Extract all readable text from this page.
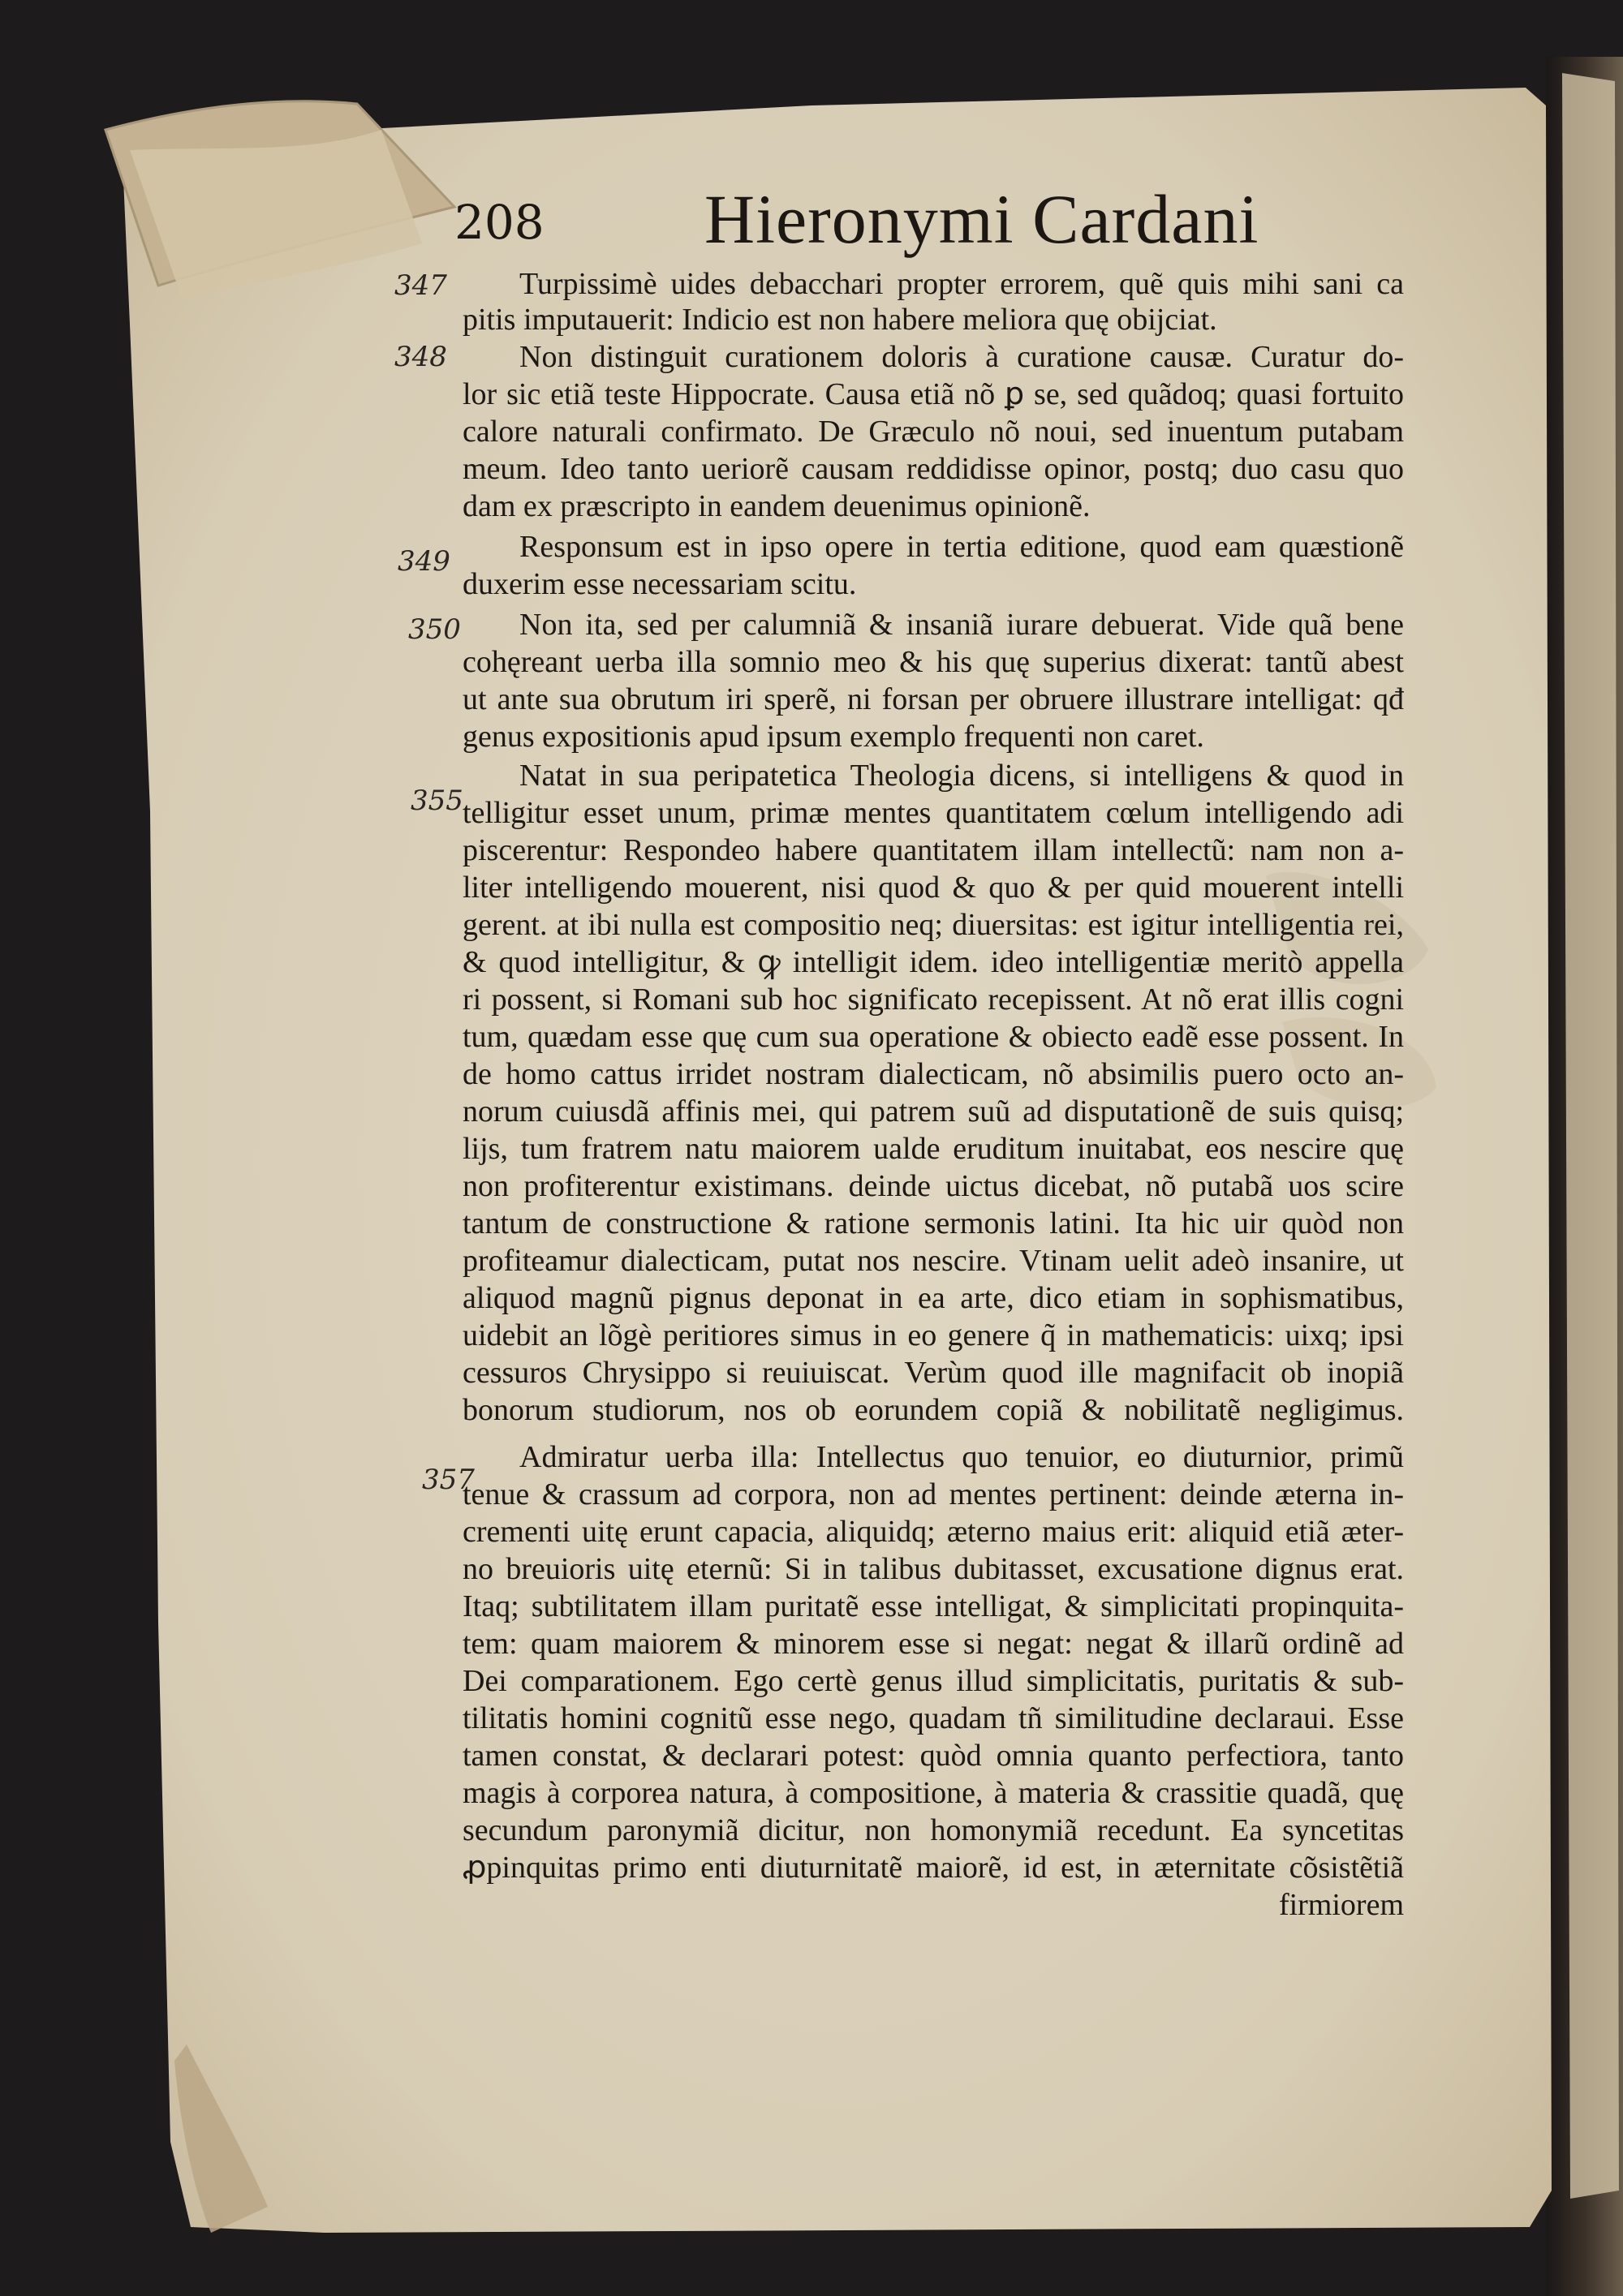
208 Hieronymi Cardani
347
348
349
350
355
357

Turpissimè uides debacchari propter errorem, quẽ quis mihi sani ca

pitis imputauerit: Indicio est non habere meliora quę obijciat.

Non distinguit curationem doloris à curatione causæ. Curatur do-

lor sic etiã teste Hippocrate. Causa etiã nõ ꝑ se, sed quãdoq; quasi fortuito

calore naturali confirmato. De Græculo nõ noui, sed inuentum putabam

meum. Ideo tanto ueriorẽ causam reddidisse opinor, postq; duo casu quo

dam ex præscripto in eandem deuenimus opinionẽ.

Responsum est in ipso opere in tertia editione, quod eam quæstionẽ

duxerim esse necessariam scitu.

Non ita, sed per calumniã & insaniã iurare debuerat. Vide quã bene

cohęreant uerba illa somnio meo & his quę superius dixerat: tantũ abest

ut ante sua obrutum iri sperẽ, ni forsan per obruere illustrare intelligat: qđ

genus expositionis apud ipsum exemplo frequenti non caret.

Natat in sua peripatetica Theologia dicens, si intelligens & quod in

telligitur esset unum, primæ mentes quantitatem cœlum intelligendo adi

piscerentur: Respondeo habere quantitatem illam intellectũ: nam non a-

liter intelligendo mouerent, nisi quod & quo & per quid mouerent intelli

gerent. at ibi nulla est compositio neq; diuersitas: est igitur intelligentia rei,

& quod intelligitur, & ꝙ intelligit idem. ideo intelligentiæ meritò appella

ri possent, si Romani sub hoc significato recepissent. At nõ erat illis cogni

tum, quædam esse quę cum sua operatione & obiecto eadẽ esse possent. In

de homo cattus irridet nostram dialecticam, nõ absimilis puero octo an-

norum cuiusdã affinis mei, qui patrem suũ ad disputationẽ de suis quisq;

lijs, tum fratrem natu maiorem ualde eruditum inuitabat, eos nescire quę

non profiterentur existimans. deinde uictus dicebat, nõ putabã uos scire

tantum de constructione & ratione sermonis latini. Ita hic uir quòd non

profiteamur dialecticam, putat nos nescire. Vtinam uelit adeò insanire, ut

aliquod magnũ pignus deponat in ea arte, dico etiam in sophismatibus,

uidebit an lõgè peritiores simus in eo genere q̃ in mathematicis: uixq; ipsi

cessuros Chrysippo si reuiuiscat. Verùm quod ille magnifacit ob inopiã

bonorum studiorum, nos ob eorundem copiã & nobilitatẽ negligimus.

Admiratur uerba illa: Intellectus quo tenuior, eo diuturnior, primũ

tenue & crassum ad corpora, non ad mentes pertinent: deinde æterna in-

crementi uitę erunt capacia, aliquidq; æterno maius erit: aliquid etiã æter-

no breuioris uitę eternũ: Si in talibus dubitasset, excusatione dignus erat.

Itaq; subtilitatem illam puritatẽ esse intelligat, & simplicitati propinquita-

tem: quam maiorem & minorem esse si negat: negat & illarũ ordinẽ ad

Dei comparationem. Ego certè genus illud simplicitatis, puritatis & sub-

tilitatis homini cognitũ esse nego, quadam tñ similitudine declaraui. Esse

tamen constat, & declarari potest: quòd omnia quanto perfectiora, tanto

magis à corporea natura, à compositione, à materia & crassitie quadã, quę

secundum paronymiã dicitur, non homonymiã recedunt. Ea syncetitas

ꝓpinquitas primo enti diuturnitatẽ maiorẽ, id est, in æternitate cõsistẽtiã

firmiorem
